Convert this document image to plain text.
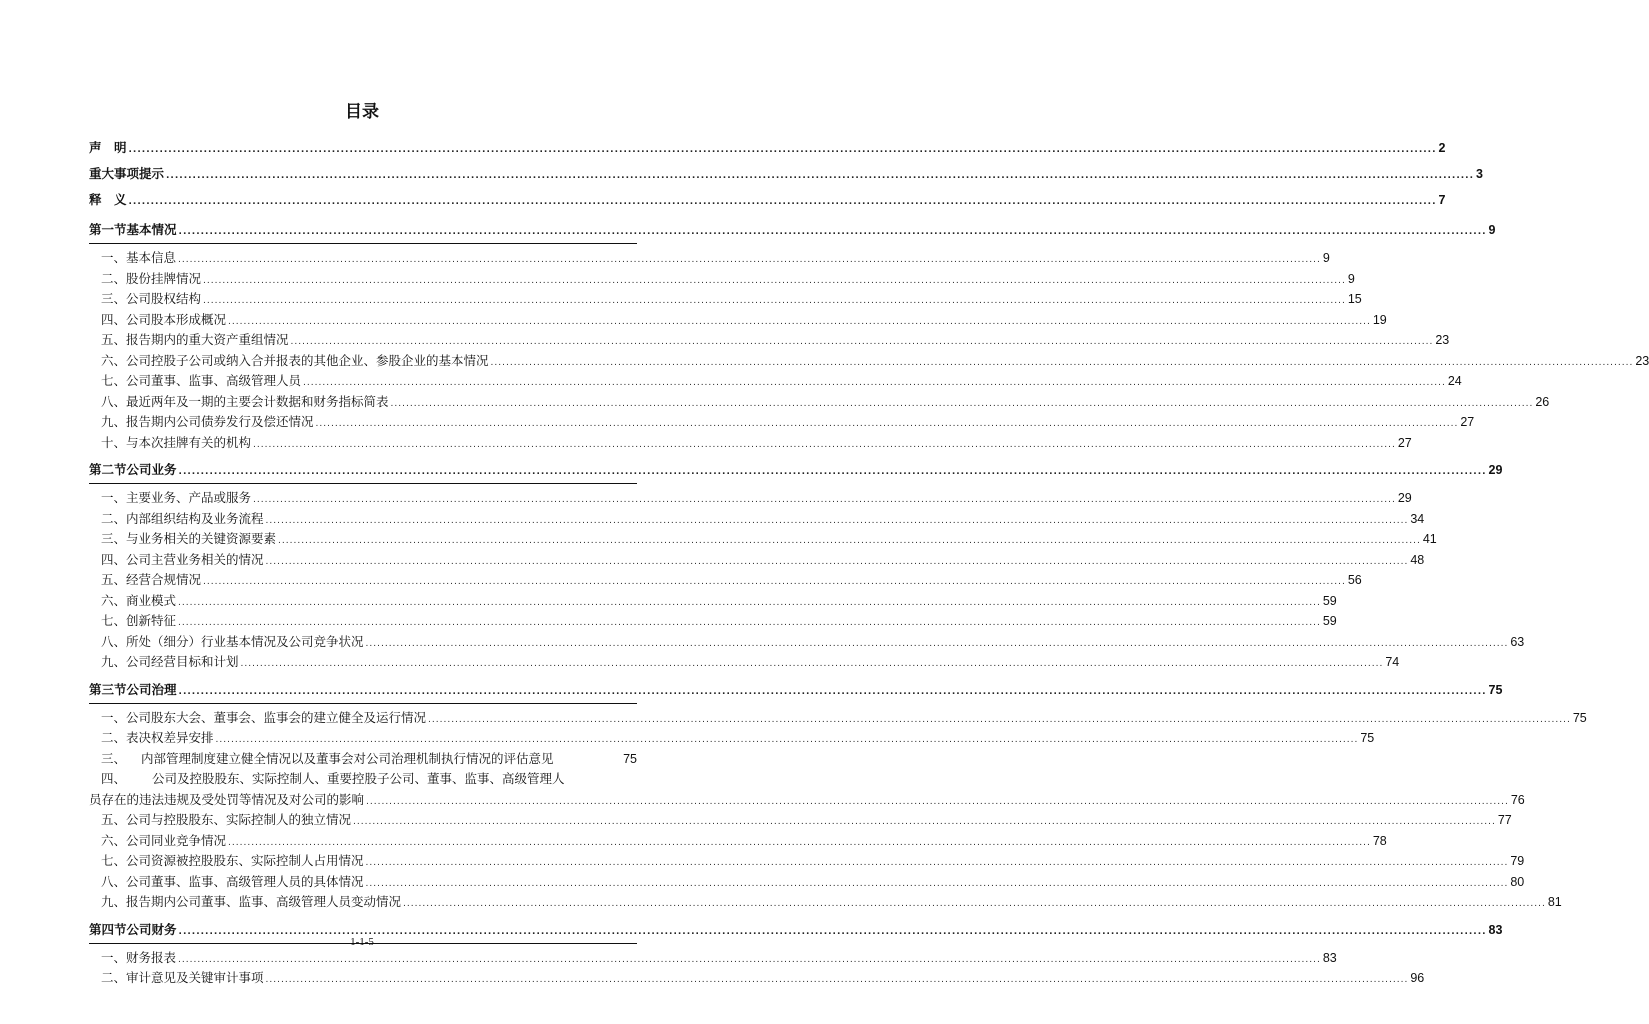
目录
声　明 .....	2
重大事项提示 .....	3
释　义 .....	7
第一节 基本情况 .....	9
一、 基本信息 .....	9
二、 股份挂牌情况 .....	9
三、 公司股权结构 .....	15
四、 公司股本形成概况 .....	19
五、 报告期内的重大资产重组情况 .....	23
六、 公司控股子公司或纳入合并报表的其他企业、参股企业的基本情况 .....	23
七、 公司董事、监事、高级管理人员 .....	24
八、 最近两年及一期的主要会计数据和财务指标简表 .....	26
九、 报告期内公司债券发行及偿还情况 .....	27
十、 与本次挂牌有关的机构 .....	27
第二节 公司业务 .....	29
一、 主要业务、产品或服务 .....	29
二、 内部组织结构及业务流程 .....	34
三、 与业务相关的关键资源要素 .....	41
四、 公司主营业务相关的情况 .....	48
五、 经营合规情况 .....	56
六、 商业模式 .....	59
七、 创新特征 .....	59
八、 所处（细分）行业基本情况及公司竞争状况 .....	63
九、 公司经营目标和计划 .....	74
第三节 公司治理 .....	75
一、 公司股东大会、董事会、监事会的建立健全及运行情况 .....	75
二、 表决权差异安排 .....	75
三、	内部管理制度建立健全情况以及董事会对公司治理机制执行情况的评估意见	75
四、	公司及控股股东、实际控制人、重要控股子公司、董事、监事、高级管理人
员存在的违法违规及受处罚等情况及对公司的影响 .....	76
五、 公司与控股股东、实际控制人的独立情况 .....	77
六、 公司同业竞争情况 .....	78
七、 公司资源被控股股东、实际控制人占用情况 .....	79
八、 公司董事、监事、高级管理人员的具体情况 .....	80
九、 报告期内公司董事、监事、高级管理人员变动情况 .....	81
第四节 公司财务 .....	83
一、 财务报表 .....	83
二、 审计意见及关键审计事项 .....	96
1-1-5
